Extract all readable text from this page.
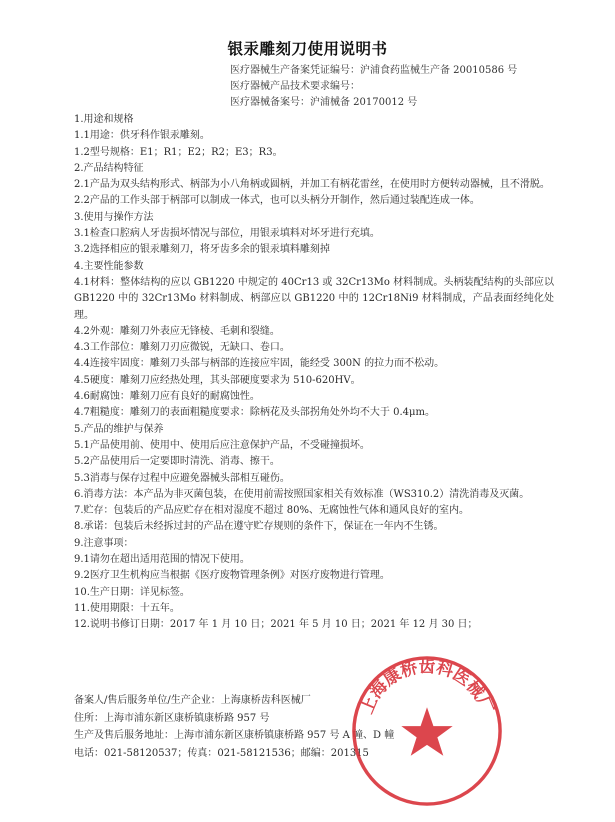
银汞雕刻刀使用说明书
医疗器械生产备案凭证编号：沪浦食药监械生产备 20010586 号
医疗器械产品技术要求编号：
医疗器械备案号：沪浦械备 20170012 号
1.用途和规格
1.1用途：供牙科作银汞雕刻。
1.2型号规格：E1；R1；E2；R2；E3；R3。
2.产品结构特征
2.1产品为双头结构形式、柄部为小八角柄或圆柄，并加工有柄花雷丝，在使用时方便转动器械，且不滑脱。
2.2产品的工作头部于柄部可以制成一体式，也可以头柄分开制作，然后通过装配连成一体。
3.使用与操作方法
3.1检查口腔病人牙齿损坏情况与部位，用银汞填料对坏牙进行充填。
3.2选择相应的银汞雕刻刀，将牙齿多余的银汞填料雕刻掉
4.主要性能参数
4.1材料：整体结构的应以 GB1220 中规定的 40Cr13 或 32Cr13Mo 材料制成。头柄装配结构的头部应以 GB1220 中的 32Cr13Mo 材料制成、柄部应以 GB1220 中的 12Cr18Ni9 材料制成，产品表面经纯化处理。
4.2外观：雕刻刀外表应无锋棱、毛刺和裂缝。
4.3工作部位：雕刻刀刃应微锐，无缺口、卷口。
4.4连接牢固度：雕刻刀头部与柄部的连接应牢固，能经受 300N 的拉力而不松动。
4.5硬度：雕刻刀应经热处理，其头部硬度要求为 510-620HV。
4.6耐腐蚀：雕刻刀应有良好的耐腐蚀性。
4.7粗糙度：雕刻刀的表面粗糙度要求：除柄花及头部拐角处外均不大于 0.4μm。
5.产品的维护与保养
5.1产品使用前、使用中、使用后应注意保护产品，不受碰撞损坏。
5.2产品使用后一定要即时清洗、消毒、擦干。
5.3消毒与保存过程中应避免器械头部相互碰伤。
6.消毒方法：本产品为非灭菌包装，在使用前需按照国家相关有效标准（WS310.2）清洗消毒及灭菌。
7.贮存：包装后的产品应贮存在相对湿度不超过 80%、无腐蚀性气体和通风良好的室内。
8.承诺：包装后未经拆过封的产品在遵守贮存规则的条件下，保证在一年内不生锈。
9.注意事项：
9.1请勿在超出适用范围的情况下使用。
9.2医疗卫生机构应当根据《医疗废物管理条例》对医疗废物进行管理。
10.生产日期：详见标签。
11.使用期限：十五年。
12.说明书修订日期：2017 年 1 月 10 日；2021 年 5 月 10 日；2021 年 12 月 30 日；
备案人/售后服务单位/生产企业：上海康桥齿科医械厂
住所：上海市浦东新区康桥镇康桥路 957 号
生产及售后服务地址：上海市浦东新区康桥镇康桥路 957 号 A 幢、D 幢
电话：021-58120537；传真：021-58121536；邮编：201315
上海康桥齿科医械厂
